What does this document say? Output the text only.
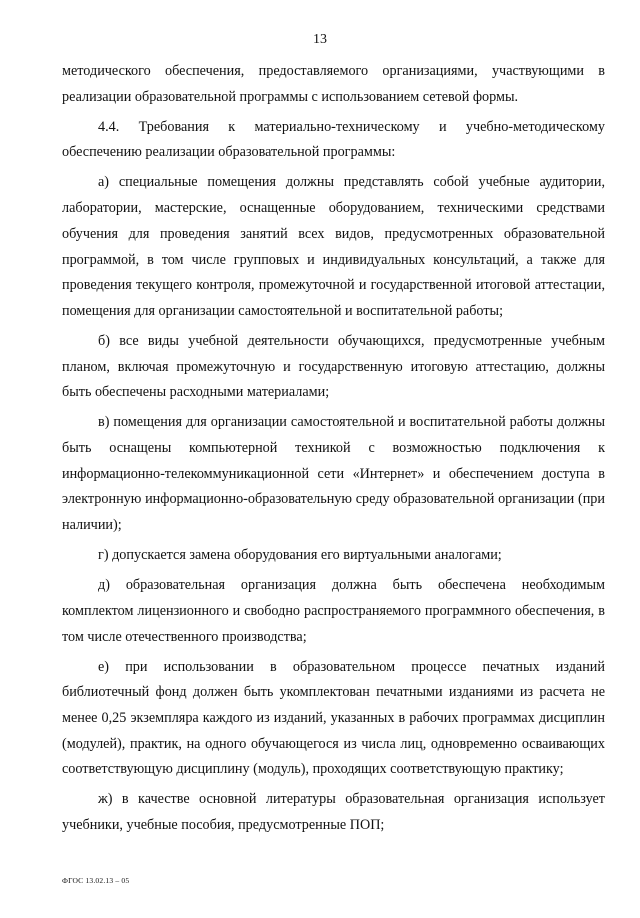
13

методического обеспечения, предоставляемого организациями, участвующими в реализации образовательной программы с использованием сетевой формы.

4.4. Требования к материально-техническому и учебно-методическому обеспечению реализации образовательной программы:

а) специальные помещения должны представлять собой учебные аудитории, лаборатории, мастерские, оснащенные оборудованием, техническими средствами обучения для проведения занятий всех видов, предусмотренных образовательной программой, в том числе групповых и индивидуальных консультаций, а также для проведения текущего контроля, промежуточной и государственной итоговой аттестации, помещения для организации самостоятельной и воспитательной работы;

б) все виды учебной деятельности обучающихся, предусмотренные учебным планом, включая промежуточную и государственную итоговую аттестацию, должны быть обеспечены расходными материалами;

в) помещения для организации самостоятельной и воспитательной работы должны быть оснащены компьютерной техникой с возможностью подключения к информационно-телекоммуникационной сети «Интернет» и обеспечением доступа в электронную информационно-образовательную среду образовательной организации (при наличии);

г) допускается замена оборудования его виртуальными аналогами;

д) образовательная организация должна быть обеспечена необходимым комплектом лицензионного и свободно распространяемого программного обеспечения, в том числе отечественного производства;

е) при использовании в образовательном процессе печатных изданий библиотечный фонд должен быть укомплектован печатными изданиями из расчета не менее 0,25 экземпляра каждого из изданий, указанных в рабочих программах дисциплин (модулей), практик, на одного обучающегося из числа лиц, одновременно осваивающих соответствующую дисциплину (модуль), проходящих соответствующую практику;

ж) в качестве основной литературы образовательная организация использует учебники, учебные пособия, предусмотренные ПОП;

ФГОС 13.02.13 – 05
